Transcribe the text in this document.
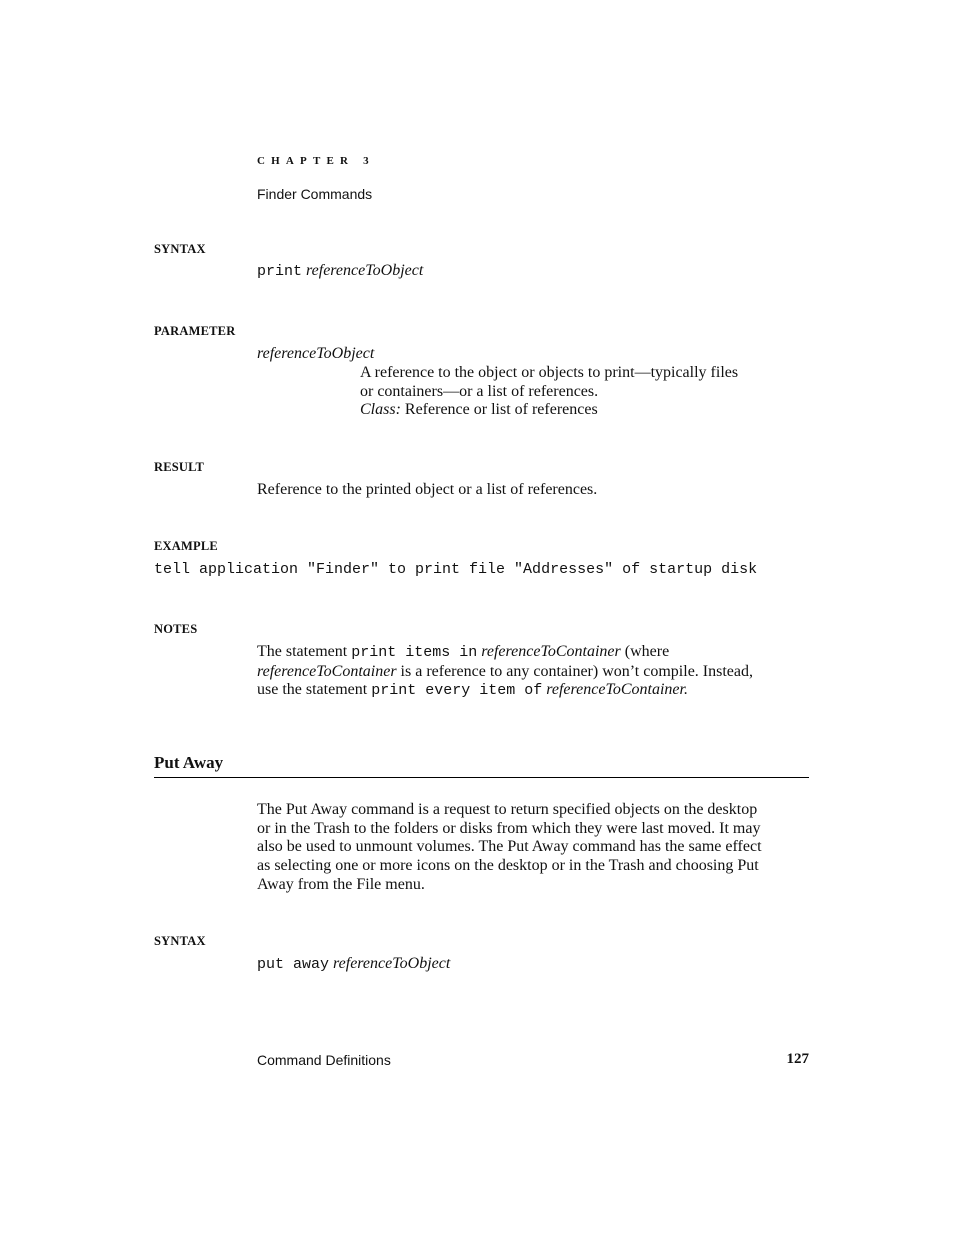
CHAPTER 3
Finder Commands
SYNTAX
print referenceToObject
PARAMETER
referenceToObject
A reference to the object or objects to print—typically files
or containers—or a list of references.
Class: Reference or list of references
RESULT
Reference to the printed object or a list of references.
EXAMPLE
tell application "Finder" to print file "Addresses" of startup disk
NOTES
The statement print items in referenceToContainer (where
referenceToContainer is a reference to any container) won’t compile. Instead,
use the statement print every item of referenceToContainer.
Put Away
The Put Away command is a request to return specified objects on the desktop
or in the Trash to the folders or disks from which they were last moved. It may
also be used to unmount volumes. The Put Away command has the same effect
as selecting one or more icons on the desktop or in the Trash and choosing Put
Away from the File menu.
SYNTAX
put away referenceToObject
Command Definitions	127
